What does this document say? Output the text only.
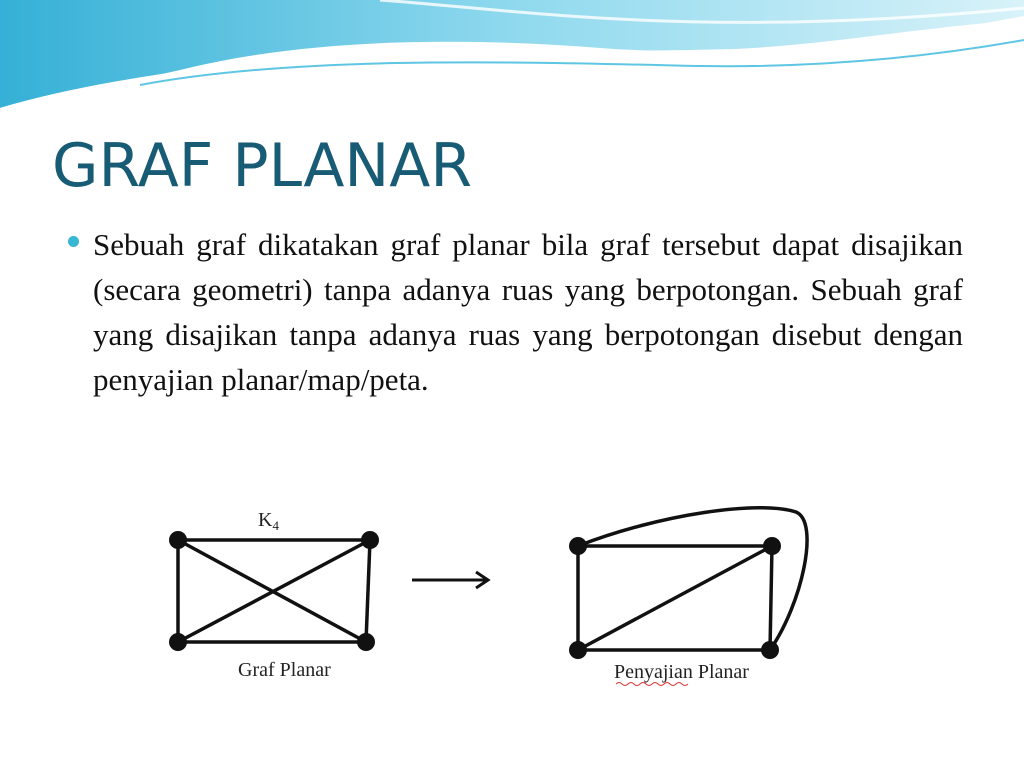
GRAF PLANAR

Sebuah graf dikatakan graf planar bila graf tersebut dapat disajikan (secara geometri) tanpa adanya ruas yang berpotongan. Sebuah graf yang disajikan tanpa adanya ruas yang berpotongan disebut dengan penyajian planar/map/peta.

$K_4$
Graf Planar	Penyajian Planar
